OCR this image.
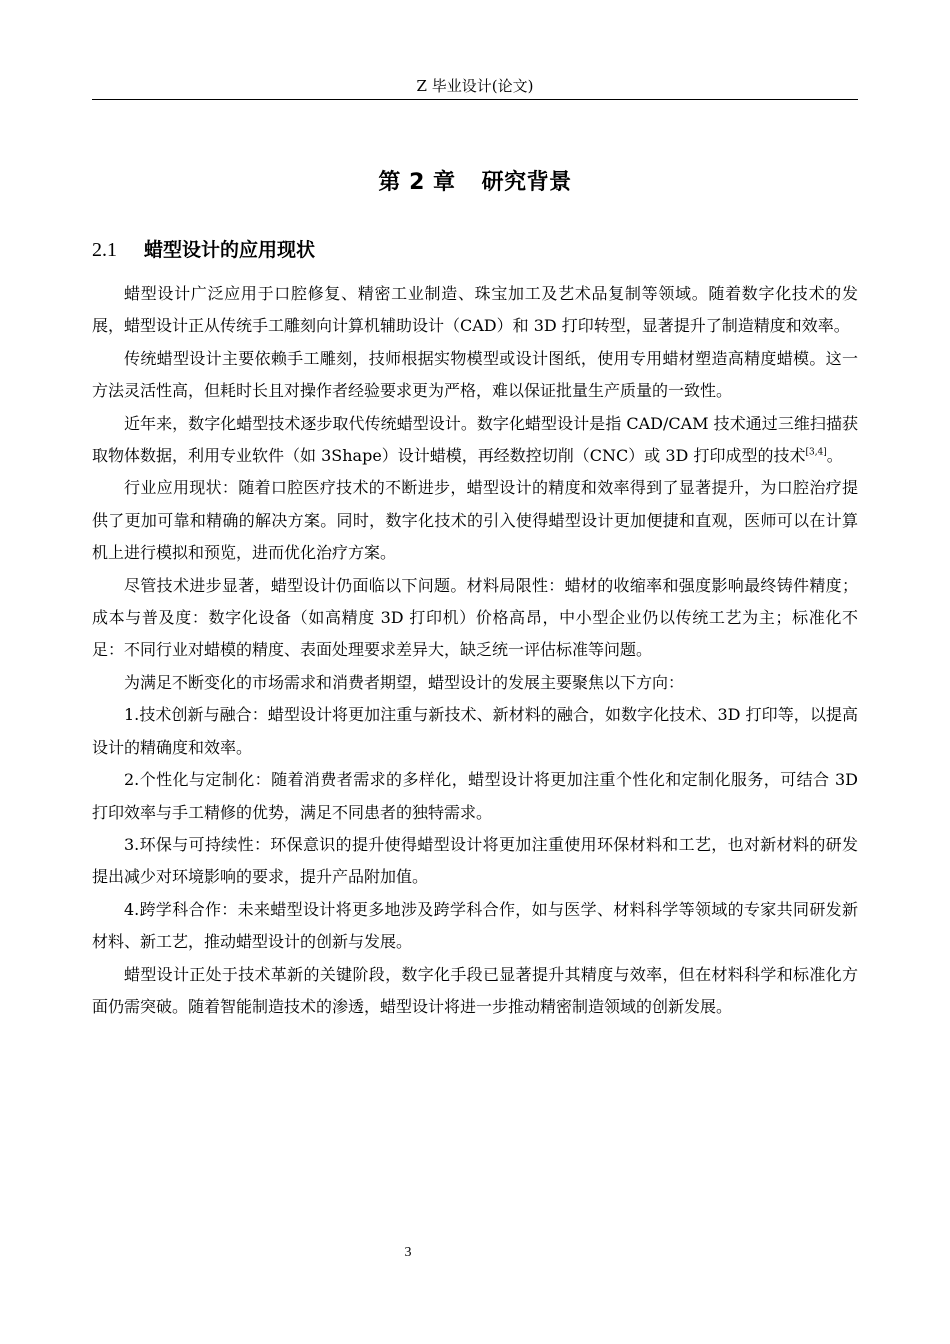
Z 毕业设计(论文)
第 2 章 研究背景
2.1 蜡型设计的应用现状

蜡型设计广泛应用于口腔修复、精密工业制造、珠宝加工及艺术品复制等领域。随着数字化技术的发展，蜡型设计正从传统手工雕刻向计算机辅助设计（CAD）和 3D 打印转型，显著提升了制造精度和效率。

传统蜡型设计主要依赖手工雕刻，技师根据实物模型或设计图纸，使用专用蜡材塑造高精度蜡模。这一方法灵活性高，但耗时长且对操作者经验要求更为严格，难以保证批量生产质量的一致性。

近年来，数字化蜡型技术逐步取代传统蜡型设计。数字化蜡型设计是指 CAD/CAM 技术通过三维扫描获取物体数据，利用专业软件（如 3Shape）设计蜡模，再经数控切削（CNC）或 3D 打印成型的技术[3,4]。

行业应用现状：随着口腔医疗技术的不断进步，蜡型设计的精度和效率得到了显著提升，为口腔治疗提供了更加可靠和精确的解决方案。同时，数字化技术的引入使得蜡型设计更加便捷和直观，医师可以在计算机上进行模拟和预览，进而优化治疗方案。

尽管技术进步显著，蜡型设计仍面临以下问题。材料局限性：蜡材的收缩率和强度影响最终铸件精度；成本与普及度：数字化设备（如高精度 3D 打印机）价格高昂，中小型企业仍以传统工艺为主；标准化不足：不同行业对蜡模的精度、表面处理要求差异大，缺乏统一评估标准等问题。

为满足不断变化的市场需求和消费者期望，蜡型设计的发展主要聚焦以下方向：

1.技术创新与融合：蜡型设计将更加注重与新技术、新材料的融合，如数字化技术、3D 打印等，以提高设计的精确度和效率。

2.个性化与定制化：随着消费者需求的多样化，蜡型设计将更加注重个性化和定制化服务，可结合 3D 打印效率与手工精修的优势，满足不同患者的独特需求。

3.环保与可持续性：环保意识的提升使得蜡型设计将更加注重使用环保材料和工艺，也对新材料的研发提出减少对环境影响的要求，提升产品附加值。

4.跨学科合作：未来蜡型设计将更多地涉及跨学科合作，如与医学、材料科学等领域的专家共同研发新材料、新工艺，推动蜡型设计的创新与发展。

蜡型设计正处于技术革新的关键阶段，数字化手段已显著提升其精度与效率，但在材料科学和标准化方面仍需突破。随着智能制造技术的渗透，蜡型设计将进一步推动精密制造领域的创新发展。

3
